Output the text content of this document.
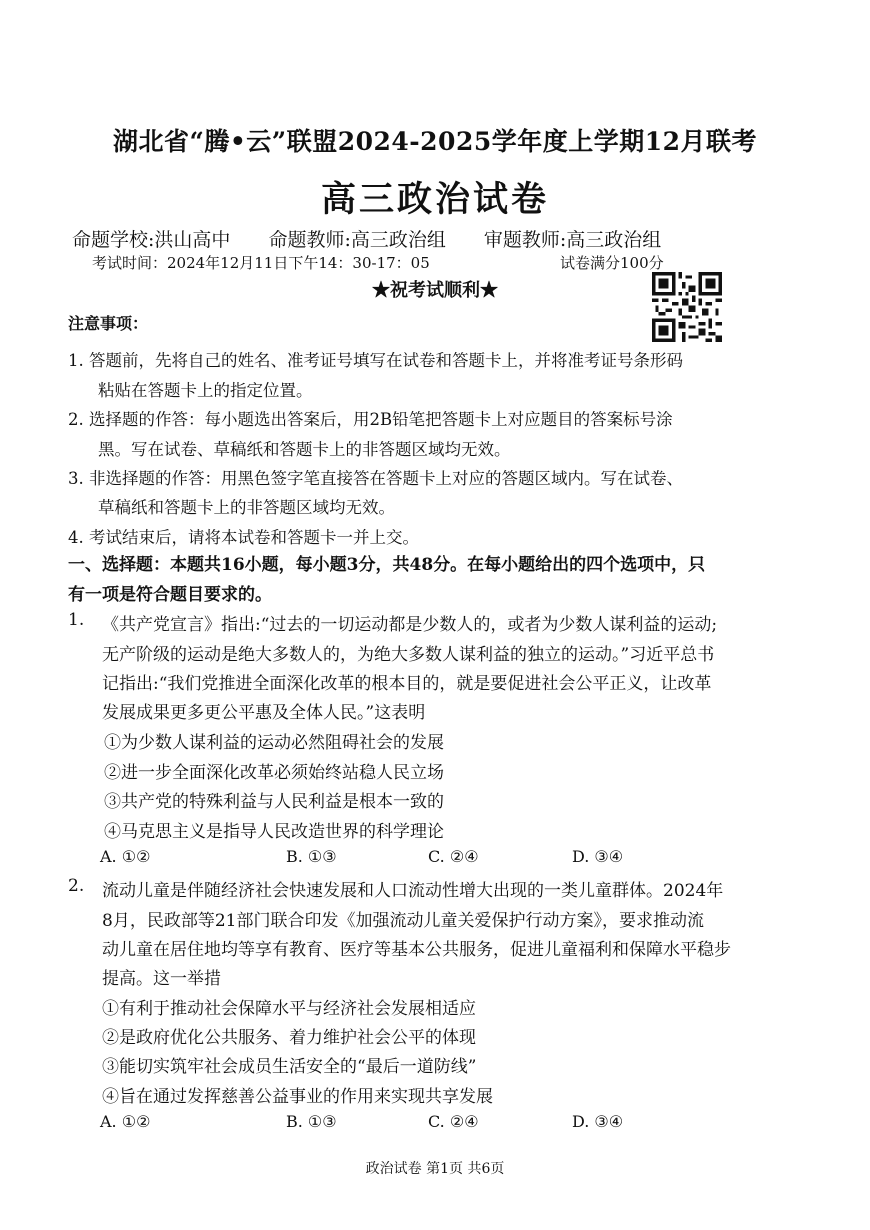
湖北省“腾•云”联盟2024-2025学年度上学期12月联考
高三政治试卷
命题学校:洪山高中 命题教师:高三政治组 审题教师:高三政治组
考试时间：2024年12月11日下午14：30-17：05	试卷满分100分
★祝考试顺利★
注意事项：
1. 答题前，先将自己的姓名、准考证号填写在试卷和答题卡上，并将准考证号条形码
粘贴在答题卡上的指定位置。
2. 选择题的作答：每小题选出答案后，用2B铅笔把答题卡上对应题目的答案标号涂
黑。写在试卷、草稿纸和答题卡上的非答题区域均无效。
3. 非选择题的作答：用黑色签字笔直接答在答题卡上对应的答题区域内。写在试卷、
草稿纸和答题卡上的非答题区域均无效。
4. 考试结束后，请将本试卷和答题卡一并上交。
一、选择题：本题共16小题，每小题3分，共48分。在每小题给出的四个选项中，只
有一项是符合题目要求的。
1. 《共产党宣言》指出:“过去的一切运动都是少数人的，或者为少数人谋利益的运动;
无产阶级的运动是绝大多数人的，为绝大多数人谋利益的独立的运动。”习近平总书
记指出:“我们党推进全面深化改革的根本目的，就是要促进社会公平正义，让改革
发展成果更多更公平惠及全体人民。”这表明
①为少数人谋利益的运动必然阻碍社会的发展
②进一步全面深化改革必须始终站稳人民立场
③共产党的特殊利益与人民利益是根本一致的
④马克思主义是指导人民改造世界的科学理论
A. ①②	B. ①③	C. ②④	D. ③④
2. 流动儿童是伴随经济社会快速发展和人口流动性增大出现的一类儿童群体。2024年
8月，民政部等21部门联合印发《加强流动儿童关爱保护行动方案》，要求推动流
动儿童在居住地均等享有教育、医疗等基本公共服务，促进儿童福利和保障水平稳步
提高。这一举措
①有利于推动社会保障水平与经济社会发展相适应
②是政府优化公共服务、着力维护社会公平的体现
③能切实筑牢社会成员生活安全的“最后一道防线”
④旨在通过发挥慈善公益事业的作用来实现共享发展
A. ①②	B. ①③	C. ②④	D. ③④
政治试卷 第1页 共6页
